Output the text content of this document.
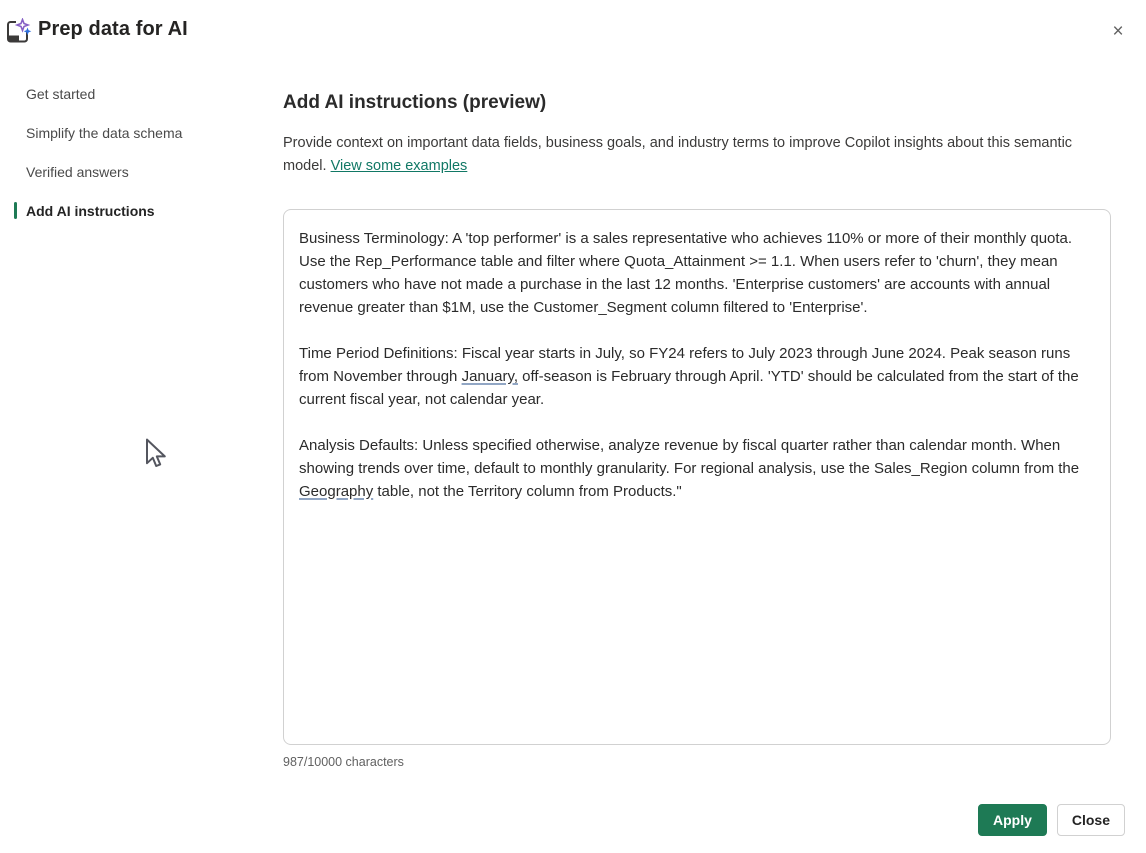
Prep data for AI	×
Get started
Simplify the data schema
Verified answers
Add AI instructions
Add AI instructions (preview)

Provide context on important data fields, business goals, and industry terms to improve Copilot insights about this semantic model. View some examples

Business Terminology: A 'top performer' is a sales representative who achieves 110% or more of their monthly quota. Use the Rep_Performance table and filter where Quota_Attainment >= 1.1. When users refer to 'churn', they mean customers who have not made a purchase in the last 12 months. 'Enterprise customers' are accounts with annual revenue greater than $1M, use the Customer_Segment column filtered to 'Enterprise'.

Time Period Definitions: Fiscal year starts in July, so FY24 refers to July 2023 through June 2024. Peak season runs from November through January, off-season is February through April. 'YTD' should be calculated from the start of the current fiscal year, not calendar year.

Analysis Defaults: Unless specified otherwise, analyze revenue by fiscal quarter rather than calendar month. When showing trends over time, default to monthly granularity. For regional analysis, use the Sales_Region column from the Geography table, not the Territory column from Products."
987/10000 characters
Apply	Close
